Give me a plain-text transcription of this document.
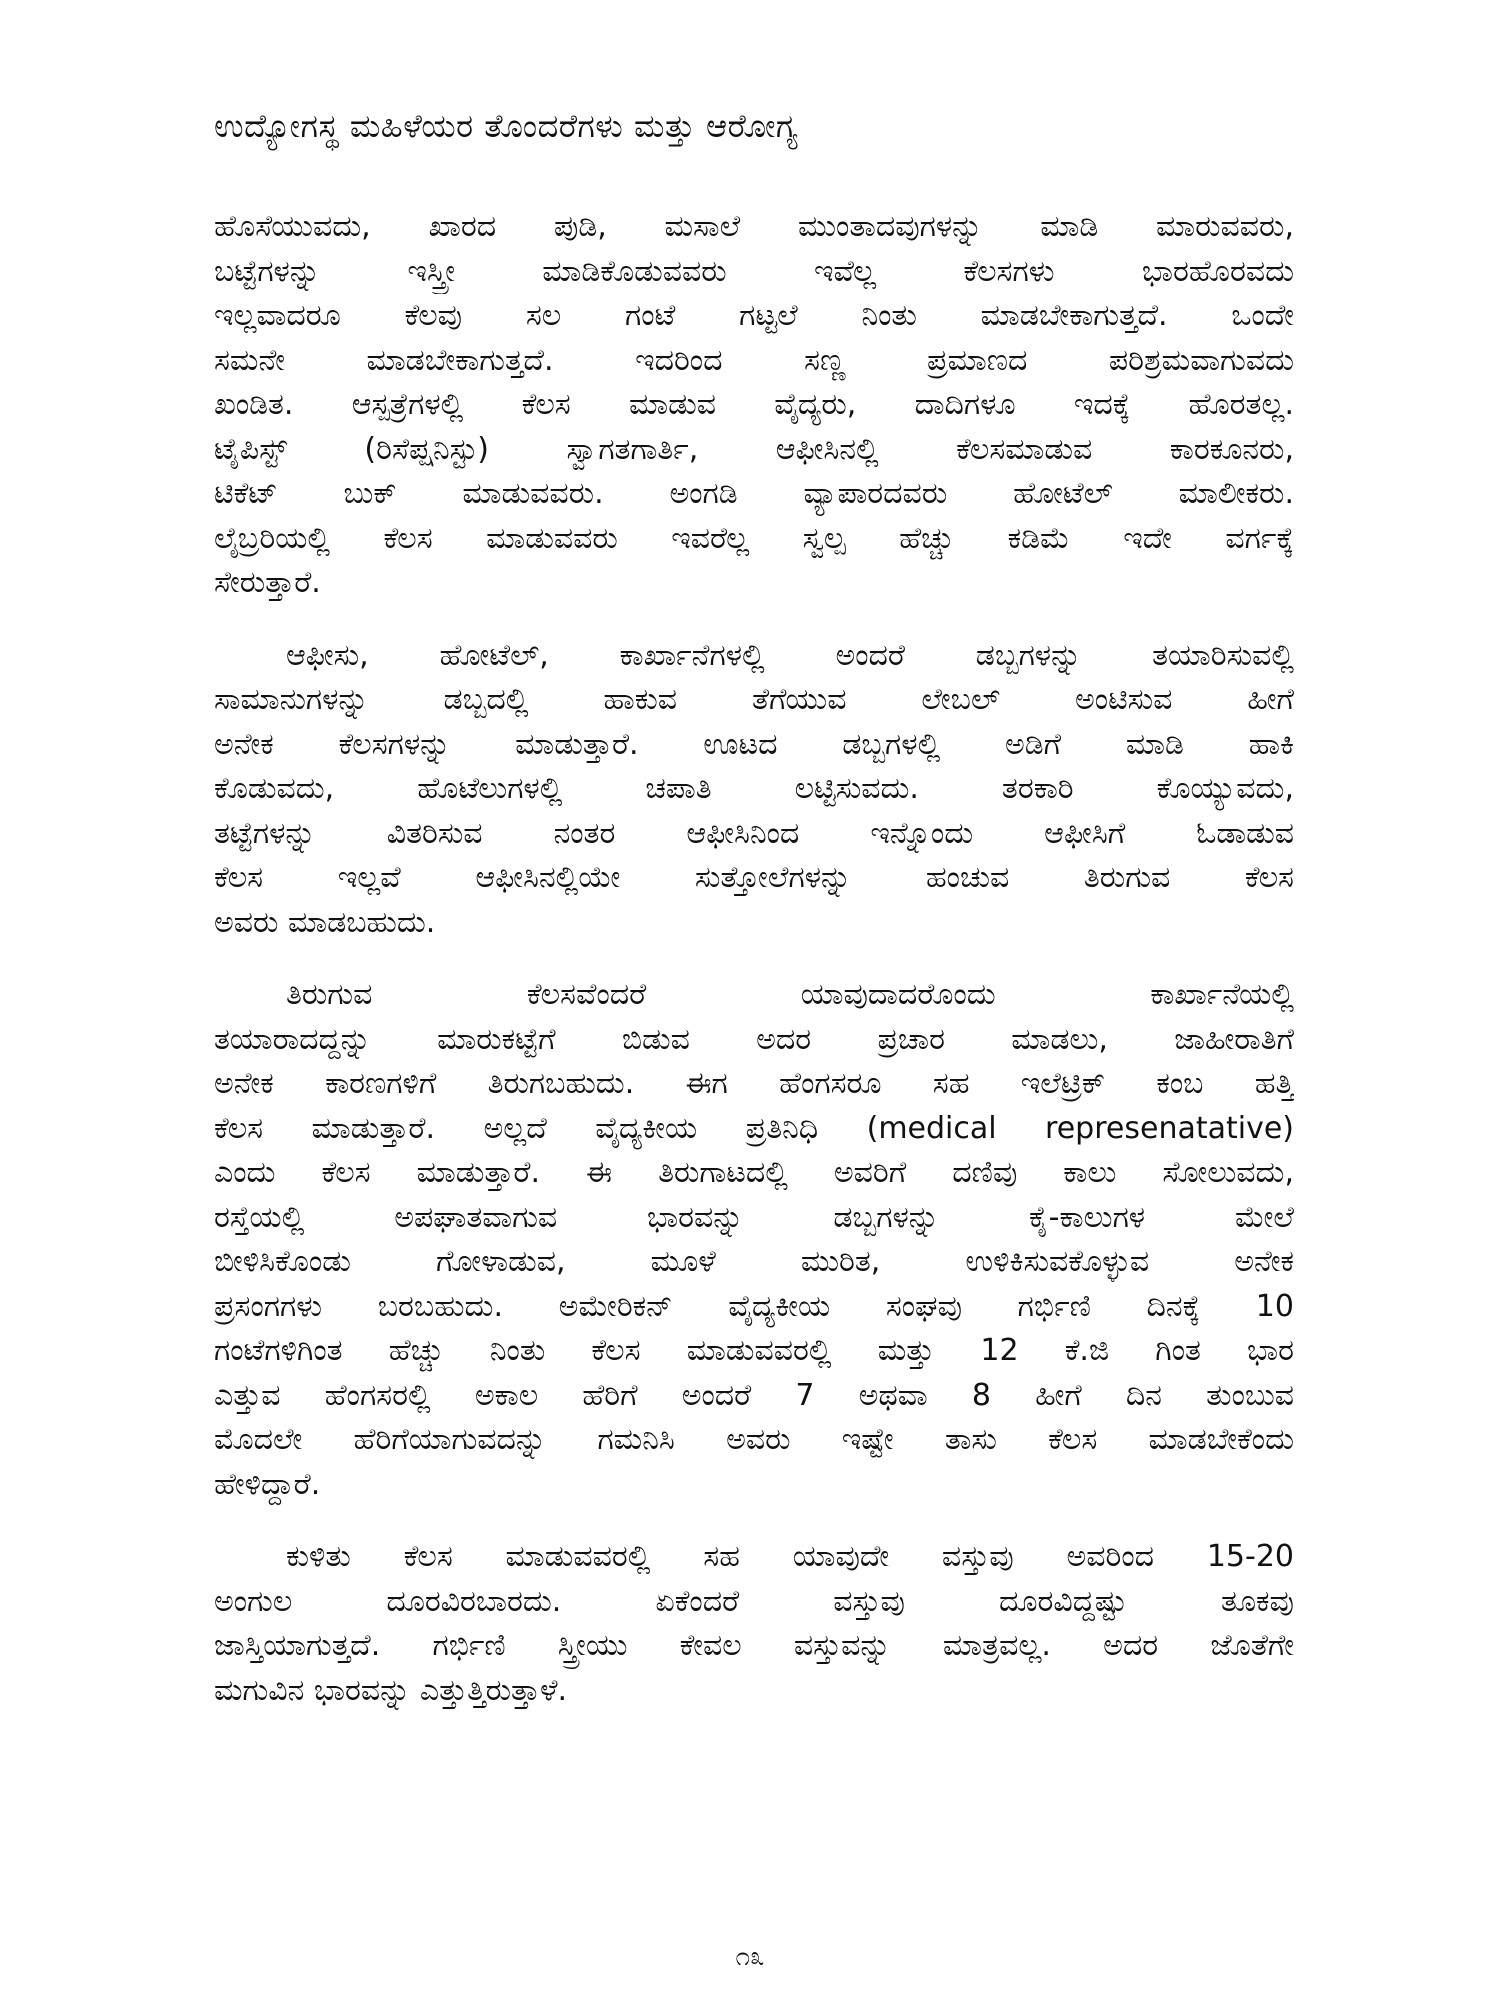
ಉದ್ಯೋಗಸ್ಥ ಮಹಿಳೆಯರ ತೊಂದರೆಗಳು ಮತ್ತು ಆರೋಗ್ಯ
ಹೊಸೆಯುವದು, ಖಾರದ ಪುಡಿ, ಮಸಾಲೆ ಮುಂತಾದವುಗಳನ್ನು ಮಾಡಿ ಮಾರುವವರು,
ಬಟ್ಟೆಗಳನ್ನು ಇಸ್ತ್ರೀ ಮಾಡಿಕೊಡುವವರು ಇವೆಲ್ಲ ಕೆಲಸಗಳು ಭಾರಹೊರವದು
ಇಲ್ಲವಾದರೂ ಕೆಲವು ಸಲ ಗಂಟೆ ಗಟ್ಟಲೆ ನಿಂತು ಮಾಡಬೇಕಾಗುತ್ತದೆ. ಒಂದೇ
ಸಮನೇ ಮಾಡಬೇಕಾಗುತ್ತದೆ. ಇದರಿಂದ ಸಣ್ಣ ಪ್ರಮಾಣದ ಪರಿಶ್ರಮವಾಗುವದು
ಖಂಡಿತ. ಆಸ್ಪತ್ರೆಗಳಲ್ಲಿ ಕೆಲಸ ಮಾಡುವ ವೈದ್ಯರು, ದಾದಿಗಳೂ ಇದಕ್ಕೆ ಹೊರತಲ್ಲ.
ಟೈಪಿಸ್ಟ್ (ರಿಸೆಪ್ಷನಿಸ್ಟು) ಸ್ವಾಗತಗಾರ್ತಿ, ಆಫೀಸಿನಲ್ಲಿ ಕೆಲಸಮಾಡುವ ಕಾರಕೂನರು,
ಟಿಕೆಟ್ ಬುಕ್ ಮಾಡುವವರು. ಅಂಗಡಿ ವ್ಯಾಪಾರದವರು ಹೋಟೆಲ್ ಮಾಲೀಕರು.
ಲೈಬ್ರರಿಯಲ್ಲಿ ಕೆಲಸ ಮಾಡುವವರು ಇವರೆಲ್ಲ ಸ್ವಲ್ಪ ಹೆಚ್ಚು ಕಡಿಮೆ ಇದೇ ವರ್ಗಕ್ಕೆ
ಸೇರುತ್ತಾರೆ.
ಆಫೀಸು, ಹೋಟೆಲ್, ಕಾರ್ಖಾನೆಗಳಲ್ಲಿ ಅಂದರೆ ಡಬ್ಬಗಳನ್ನು ತಯಾರಿಸುವಲ್ಲಿ
ಸಾಮಾನುಗಳನ್ನು ಡಬ್ಬದಲ್ಲಿ ಹಾಕುವ ತೆಗೆಯುವ ಲೇಬಲ್ ಅಂಟಿಸುವ ಹೀಗೆ
ಅನೇಕ ಕೆಲಸಗಳನ್ನು ಮಾಡುತ್ತಾರೆ. ಊಟದ ಡಬ್ಬಗಳಲ್ಲಿ ಅಡಿಗೆ ಮಾಡಿ ಹಾಕಿ
ಕೊಡುವದು, ಹೊಟೆಲುಗಳಲ್ಲಿ ಚಪಾತಿ ಲಟ್ಟಿಸುವದು. ತರಕಾರಿ ಕೊಯ್ಯುವದು,
ತಟ್ಟೆಗಳನ್ನು ವಿತರಿಸುವ ನಂತರ ಆಫೀಸಿನಿಂದ ಇನ್ನೊಂದು ಆಫೀಸಿಗೆ ಓಡಾಡುವ
ಕೆಲಸ ಇಲ್ಲವೆ ಆಫೀಸಿನಲ್ಲಿಯೇ ಸುತ್ತೋಲೆಗಳನ್ನು ಹಂಚುವ ತಿರುಗುವ ಕೆಲಸ
ಅವರು ಮಾಡಬಹುದು.
ತಿರುಗುವ ಕೆಲಸವೆಂದರೆ ಯಾವುದಾದರೊಂದು ಕಾರ್ಖಾನೆಯಲ್ಲಿ
ತಯಾರಾದದ್ದನ್ನು ಮಾರುಕಟ್ಟೆಗೆ ಬಿಡುವ ಅದರ ಪ್ರಚಾರ ಮಾಡಲು, ಜಾಹೀರಾತಿಗೆ
ಅನೇಕ ಕಾರಣಗಳಿಗೆ ತಿರುಗಬಹುದು. ಈಗ ಹೆಂಗಸರೂ ಸಹ ಇಲೆಟ್ರಿಕ್ ಕಂಬ ಹತ್ತಿ
ಕೆಲಸ ಮಾಡುತ್ತಾರೆ. ಅಲ್ಲದೆ ವೈದ್ಯಕೀಯ ಪ್ರತಿನಿಧಿ (medical represenatative)
ಎಂದು ಕೆಲಸ ಮಾಡುತ್ತಾರೆ. ಈ ತಿರುಗಾಟದಲ್ಲಿ ಅವರಿಗೆ ದಣಿವು ಕಾಲು ಸೋಲುವದು,
ರಸ್ತೆಯಲ್ಲಿ ಅಪಘಾತವಾಗುವ ಭಾರವನ್ನು ಡಬ್ಬಗಳನ್ನು ಕೈ-ಕಾಲುಗಳ ಮೇಲೆ
ಬೀಳಿಸಿಕೊಂಡು ಗೋಳಾಡುವ, ಮೂಳೆ ಮುರಿತ, ಉಳಿಕಿಸುವಕೊಳ್ಳುವ ಅನೇಕ
ಪ್ರಸಂಗಗಳು ಬರಬಹುದು. ಅಮೇರಿಕನ್ ವೈದ್ಯಕೀಯ ಸಂಘವು ಗರ್ಭಿಣಿ ದಿನಕ್ಕೆ 10
ಗಂಟೆಗಳಿಗಿಂತ ಹೆಚ್ಚು ನಿಂತು ಕೆಲಸ ಮಾಡುವವರಲ್ಲಿ ಮತ್ತು 12 ಕೆ.ಜಿ ಗಿಂತ ಭಾರ
ಎತ್ತುವ ಹೆಂಗಸರಲ್ಲಿ ಅಕಾಲ ಹೆರಿಗೆ ಅಂದರೆ 7 ಅಥವಾ 8 ಹೀಗೆ ದಿನ ತುಂಬುವ
ಮೊದಲೇ ಹೆರಿಗೆಯಾಗುವದನ್ನು ಗಮನಿಸಿ ಅವರು ಇಷ್ಟೇ ತಾಸು ಕೆಲಸ ಮಾಡಬೇಕೆಂದು
ಹೇಳಿದ್ದಾರೆ.
ಕುಳಿತು ಕೆಲಸ ಮಾಡುವವರಲ್ಲಿ ಸಹ ಯಾವುದೇ ವಸ್ತುವು ಅವರಿಂದ 15-20
ಅಂಗುಲ ದೂರವಿರಬಾರದು. ಏಕೆಂದರೆ ವಸ್ತುವು ದೂರವಿದ್ದಷ್ಟು ತೂಕವು
ಜಾಸ್ತಿಯಾಗುತ್ತದೆ. ಗರ್ಭಿಣಿ ಸ್ತ್ರೀಯು ಕೇವಲ ವಸ್ತುವನ್ನು ಮಾತ್ರವಲ್ಲ. ಅದರ ಜೊತೆಗೇ
ಮಗುವಿನ ಭಾರವನ್ನು ಎತ್ತುತ್ತಿರುತ್ತಾಳೆ.
೧೩
